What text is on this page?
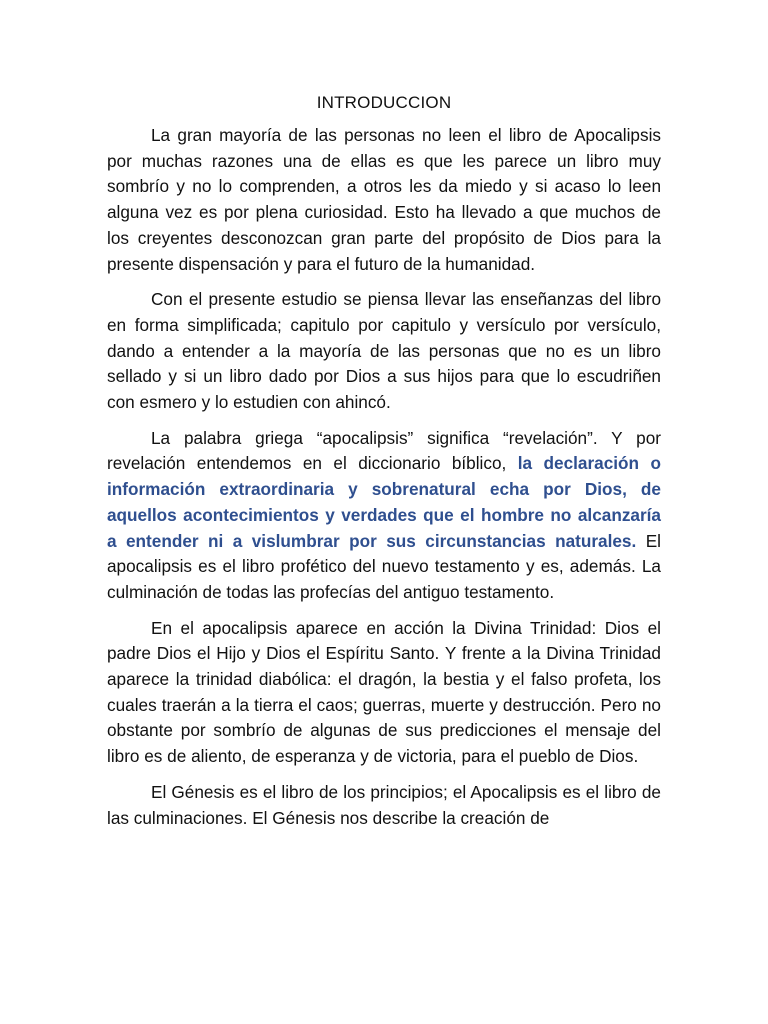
INTRODUCCION

La gran mayoría de las personas no leen el libro de Apocalipsis por muchas razones una de ellas es que les parece un libro muy sombrío y no lo comprenden, a otros les da miedo y si acaso lo leen alguna vez es por plena curiosidad. Esto ha llevado a que muchos de los creyentes desconozcan gran parte del propósito de Dios para la presente dispensación y para el futuro de la humanidad.

Con el presente estudio se piensa llevar las enseñanzas del libro en forma simplificada; capitulo por capitulo y versículo por versículo, dando a entender a la mayoría de las personas que no es un libro sellado y si un libro dado por Dios a sus hijos para que lo escudriñen con esmero y lo estudien con ahincó.

La palabra griega “apocalipsis” significa “revelación”. Y por revelación entendemos en el diccionario bíblico, la declaración o información extraordinaria y sobrenatural echa por Dios, de aquellos acontecimientos y verdades que el hombre no alcanzaría a entender ni a vislumbrar por sus circunstancias naturales. El apocalipsis es el libro profético del nuevo testamento y es, además. La culminación de todas las profecías del antiguo testamento.

En el apocalipsis aparece en acción la Divina Trinidad: Dios el padre Dios el Hijo y Dios el Espíritu Santo. Y frente a la Divina Trinidad aparece la trinidad diabólica: el dragón, la bestia y el falso profeta, los cuales traerán a la tierra el caos; guerras, muerte y destrucción. Pero no obstante por sombrío de algunas de sus predicciones el mensaje del libro es de aliento, de esperanza y de victoria, para el pueblo de Dios.

El Génesis es el libro de los principios; el Apocalipsis es el libro de las culminaciones. El Génesis nos describe la creación de
